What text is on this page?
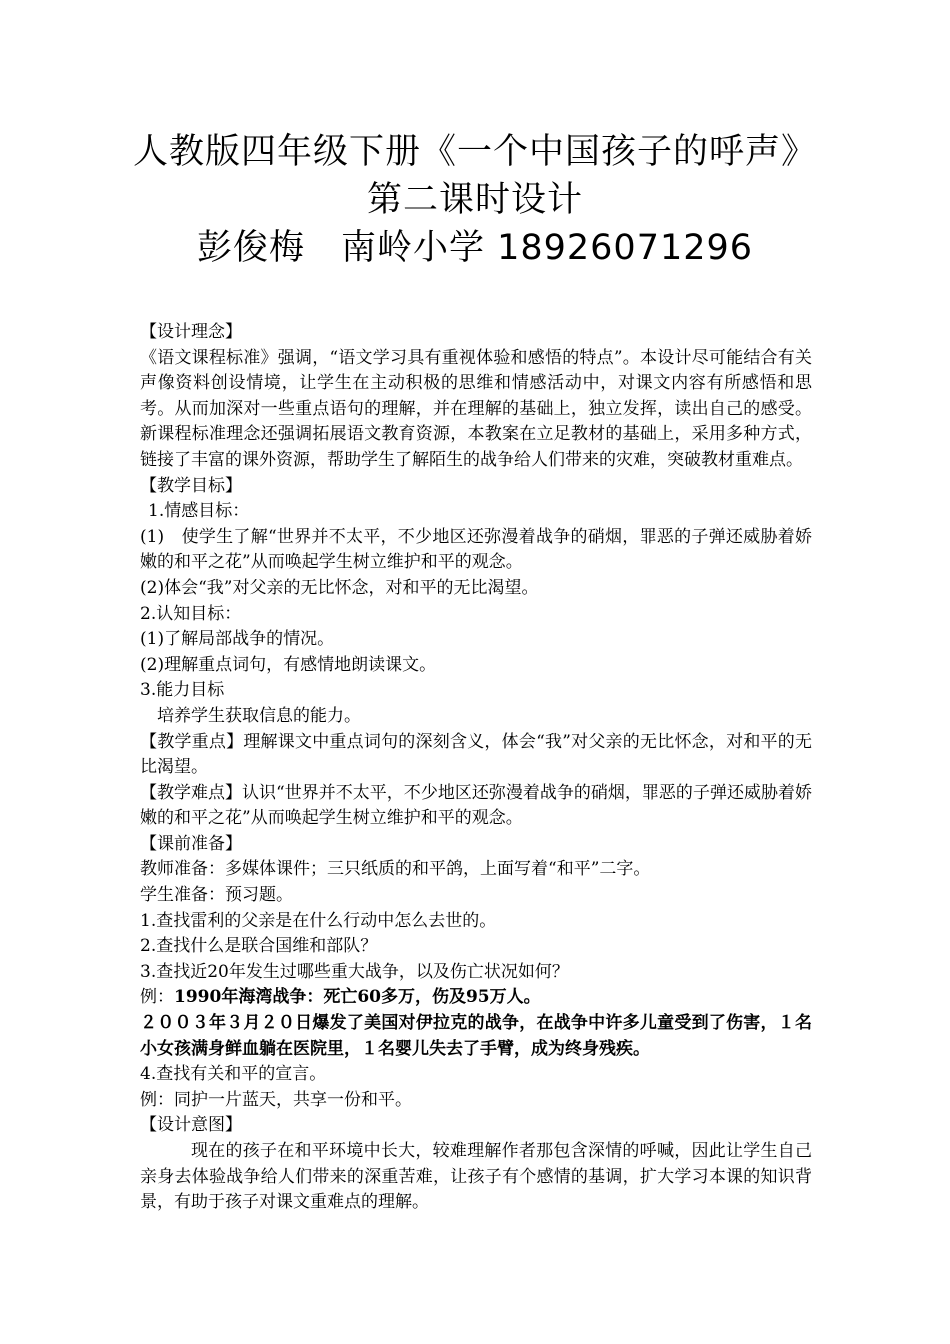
人教版四年级下册《一个中国孩子的呼声》
第二课时设计
彭俊梅　南岭小学 18926071296

【设计理念】

《语文课程标准》强调，“语文学习具有重视体验和感悟的特点”。本设计尽可能结合有关声像资料创设情境，让学生在主动积极的思维和情感活动中，对课文内容有所感悟和思考。从而加深对一些重点语句的理解，并在理解的基础上，独立发挥，读出自己的感受。新课程标准理念还强调拓展语文教育资源，本教案在立足教材的基础上，采用多种方式，链接了丰富的课外资源，帮助学生了解陌生的战争给人们带来的灾难，突破教材重难点。

【教学目标】

1.情感目标：

(1)　使学生了解“世界并不太平，不少地区还弥漫着战争的硝烟，罪恶的子弹还威胁着娇嫩的和平之花”从而唤起学生树立维护和平的观念。

(2)体会“我”对父亲的无比怀念，对和平的无比渴望。

2.认知目标：

(1)了解局部战争的情况。

(2)理解重点词句，有感情地朗读课文。

3.能力目标

培养学生获取信息的能力。

【教学重点】理解课文中重点词句的深刻含义，体会“我”对父亲的无比怀念，对和平的无比渴望。

【教学难点】认识“世界并不太平，不少地区还弥漫着战争的硝烟，罪恶的子弹还威胁着娇嫩的和平之花”从而唤起学生树立维护和平的观念。

【课前准备】

教师准备：多媒体课件；三只纸质的和平鸽，上面写着“和平”二字。

学生准备：预习题。

1.查找雷利的父亲是在什么行动中怎么去世的。

2.查找什么是联合国维和部队？

3.查找近20年发生过哪些重大战争，以及伤亡状况如何？

例：1990年海湾战争：死亡60多万，伤及95万人。

２００３年３月２０日爆发了美国对伊拉克的战争，在战争中许多儿童受到了伤害，１名小女孩满身鲜血躺在医院里，１名婴儿失去了手臂，成为终身残疾。

4.查找有关和平的宣言。

例：同护一片蓝天，共享一份和平。

【设计意图】

现在的孩子在和平环境中长大，较难理解作者那包含深情的呼喊，因此让学生自己亲身去体验战争给人们带来的深重苦难，让孩子有个感情的基调，扩大学习本课的知识背景，有助于孩子对课文重难点的理解。
